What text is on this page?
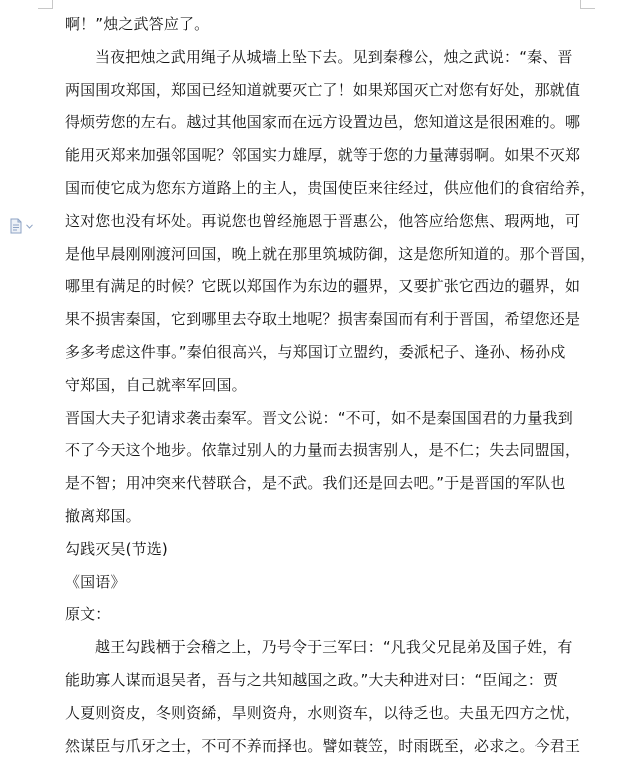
啊！”烛之武答应了。
当夜把烛之武用绳子从城墙上坠下去。见到秦穆公，烛之武说：“秦、晋
两国围攻郑国，郑国已经知道就要灭亡了！如果郑国灭亡对您有好处，那就值
得烦劳您的左右。越过其他国家而在远方设置边邑，您知道这是很困难的。哪
能用灭郑来加强邻国呢？邻国实力雄厚，就等于您的力量薄弱啊。如果不灭郑
国而使它成为您东方道路上的主人，贵国使臣来往经过，供应他们的食宿给养，
这对您也没有坏处。再说您也曾经施恩于晋惠公，他答应给您焦、瑕两地，可
是他早晨刚刚渡河回国，晚上就在那里筑城防御，这是您所知道的。那个晋国，
哪里有满足的时候？它既以郑国作为东边的疆界，又要扩张它西边的疆界，如
果不损害秦国，它到哪里去夺取土地呢？损害秦国而有利于晋国，希望您还是
多多考虑这件事。”秦伯很高兴，与郑国订立盟约，委派杞子、逢孙、杨孙戍
守郑国，自己就率军回国。
晋国大夫子犯请求袭击秦军。晋文公说：“不可，如不是秦国国君的力量我到
不了今天这个地步。依靠过别人的力量而去损害别人，是不仁；失去同盟国，
是不智；用冲突来代替联合，是不武。我们还是回去吧。”于是晋国的军队也
撤离郑国。
勾践灭吴(节选)
《国语》
原文：
越王勾践栖于会稽之上，乃号令于三军曰：“凡我父兄昆弟及国子姓，有
能助寡人谋而退吴者，吾与之共知越国之政。”大夫种进对曰：“臣闻之：贾
人夏则资皮，冬则资絺，旱则资舟，水则资车，以待乏也。夫虽无四方之忧，
然谋臣与爪牙之士，不可不养而择也。譬如蓑笠，时雨既至，必求之。今君王
